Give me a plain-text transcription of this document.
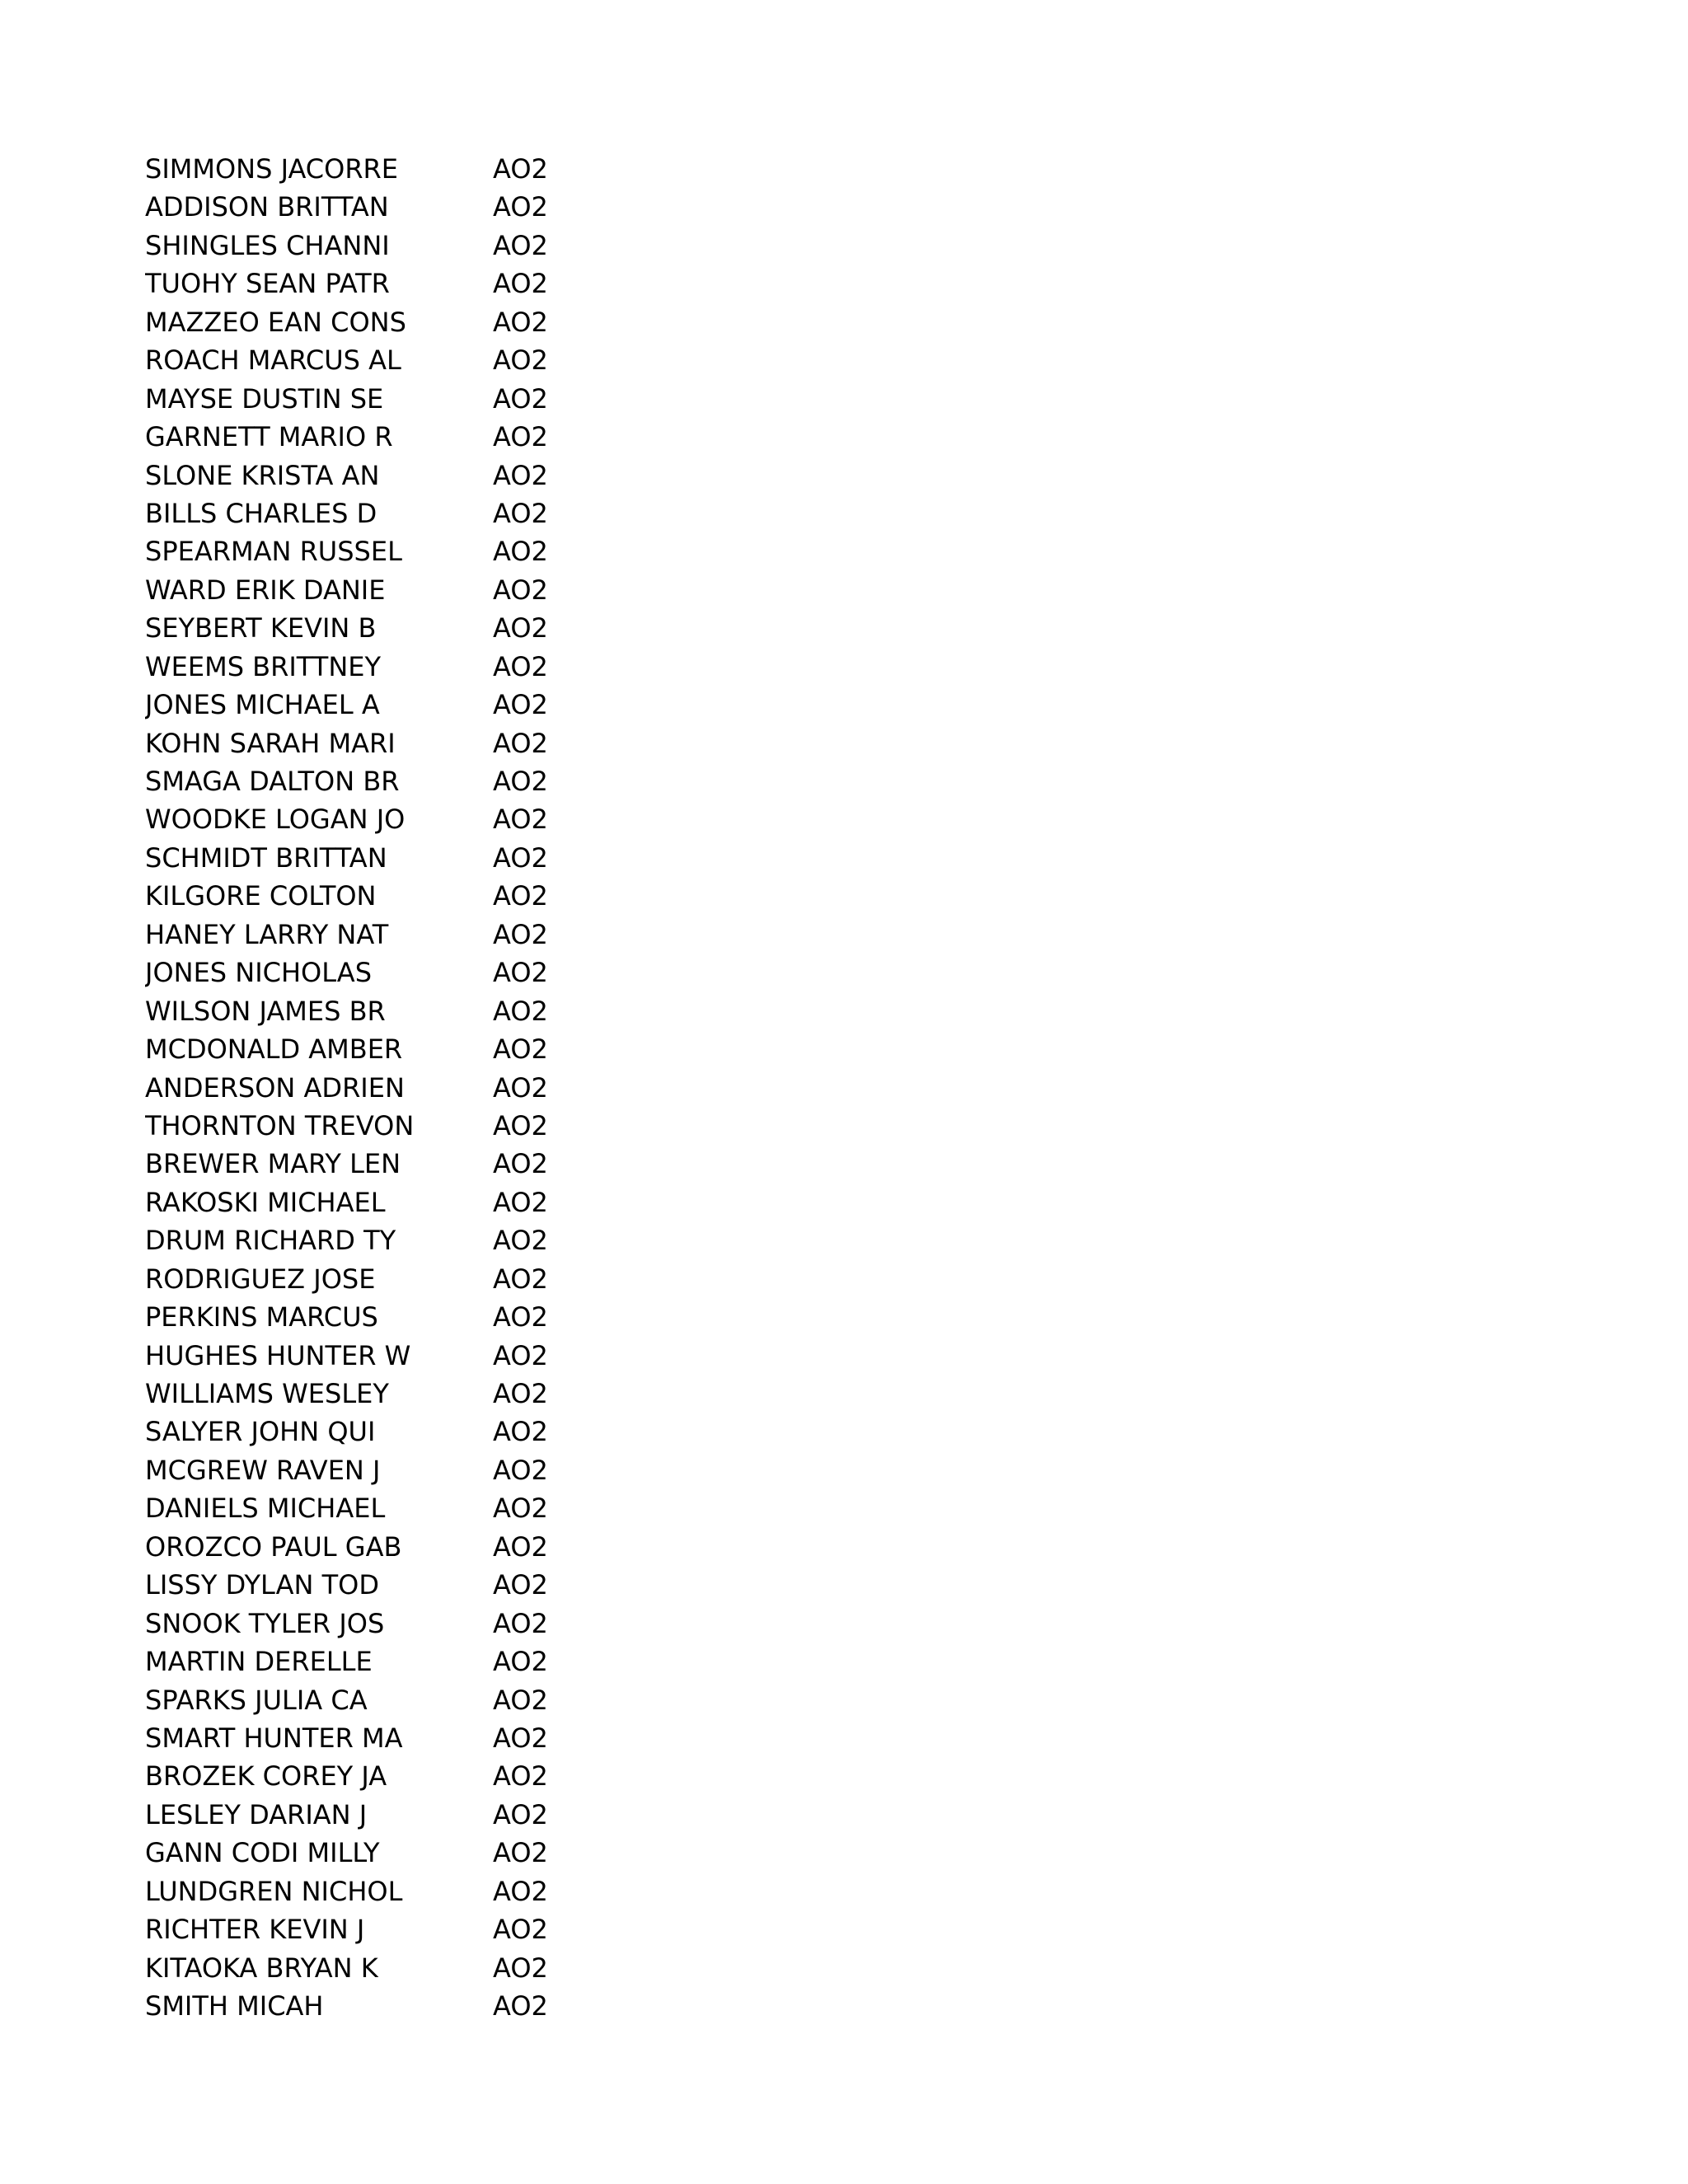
SIMMONS JACORRE	AO2
ADDISON BRITTAN	AO2
SHINGLES CHANNI	AO2
TUOHY SEAN PATR	AO2
MAZZEO EAN CONS	AO2
ROACH MARCUS AL	AO2
MAYSE DUSTIN SE	AO2
GARNETT MARIO R	AO2
SLONE KRISTA AN	AO2
BILLS CHARLES D	AO2
SPEARMAN RUSSEL	AO2
WARD ERIK DANIE	AO2
SEYBERT KEVIN B	AO2
WEEMS BRITTNEY	AO2
JONES MICHAEL A	AO2
KOHN SARAH MARI	AO2
SMAGA DALTON BR	AO2
WOODKE LOGAN JO	AO2
SCHMIDT BRITTAN	AO2
KILGORE COLTON	AO2
HANEY LARRY NAT	AO2
JONES NICHOLAS	AO2
WILSON JAMES BR	AO2
MCDONALD AMBER	AO2
ANDERSON ADRIEN	AO2
THORNTON TREVON	AO2
BREWER MARY LEN	AO2
RAKOSKI MICHAEL	AO2
DRUM RICHARD TY	AO2
RODRIGUEZ JOSE	AO2
PERKINS MARCUS	AO2
HUGHES HUNTER W	AO2
WILLIAMS WESLEY	AO2
SALYER JOHN QUI	AO2
MCGREW RAVEN J	AO2
DANIELS MICHAEL	AO2
OROZCO PAUL GAB	AO2
LISSY DYLAN TOD	AO2
SNOOK TYLER JOS	AO2
MARTIN DERELLE	AO2
SPARKS JULIA CA	AO2
SMART HUNTER MA	AO2
BROZEK COREY JA	AO2
LESLEY DARIAN J	AO2
GANN CODI MILLY	AO2
LUNDGREN NICHOL	AO2
RICHTER KEVIN J	AO2
KITAOKA BRYAN K	AO2
SMITH MICAH	AO2
